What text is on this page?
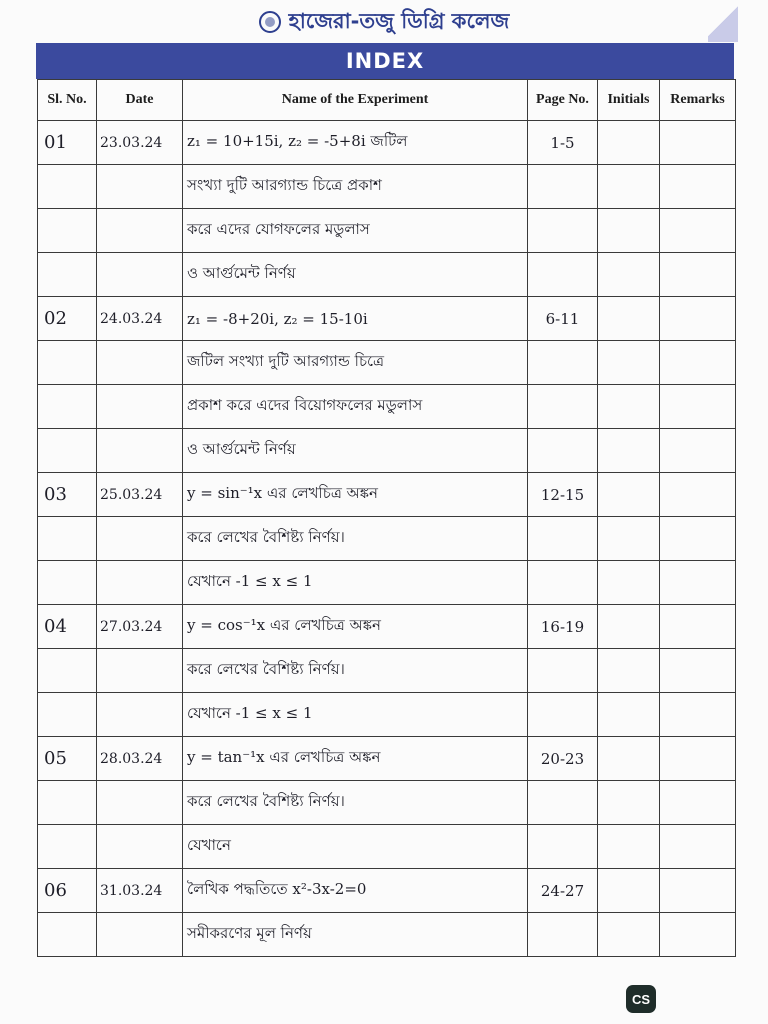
হাজেরা-তজু ডিগ্রি কলেজ
INDEX
Sl. No.	Date	Name of the Experiment	Page No.	Initials	Remarks
01	23.03.24	z₁ = 10+15i, z₂ = -5+8i জটিল	1-5		
		সংখ্যা দুটি আরগ্যান্ড চিত্রে প্রকাশ			
		করে এদের যোগফলের মডুলাস			
		ও আর্গুমেন্ট নির্ণয়			
02	24.03.24	z₁ = -8+20i, z₂ = 15-10i	6-11		
		জটিল সংখ্যা দুটি আরগ্যান্ড চিত্রে			
		প্রকাশ করে এদের বিয়োগফলের মডুলাস			
		ও আর্গুমেন্ট নির্ণয়			
03	25.03.24	y = sin⁻¹x এর লেখচিত্র অঙ্কন	12-15		
		করে লেখের বৈশিষ্ট্য নির্ণয়।			
		যেখানে -1 ≤ x ≤ 1			
04	27.03.24	y = cos⁻¹x এর লেখচিত্র অঙ্কন	16-19		
		করে লেখের বৈশিষ্ট্য নির্ণয়।			
		যেখানে -1 ≤ x ≤ 1			
05	28.03.24	y = tan⁻¹x এর লেখচিত্র অঙ্কন	20-23		
		করে লেখের বৈশিষ্ট্য নির্ণয়।			
		যেখানে			
06	31.03.24	লৈখিক পদ্ধতিতে x²-3x-2=0	24-27		
		সমীকরণের মূল নির্ণয়			
CS
